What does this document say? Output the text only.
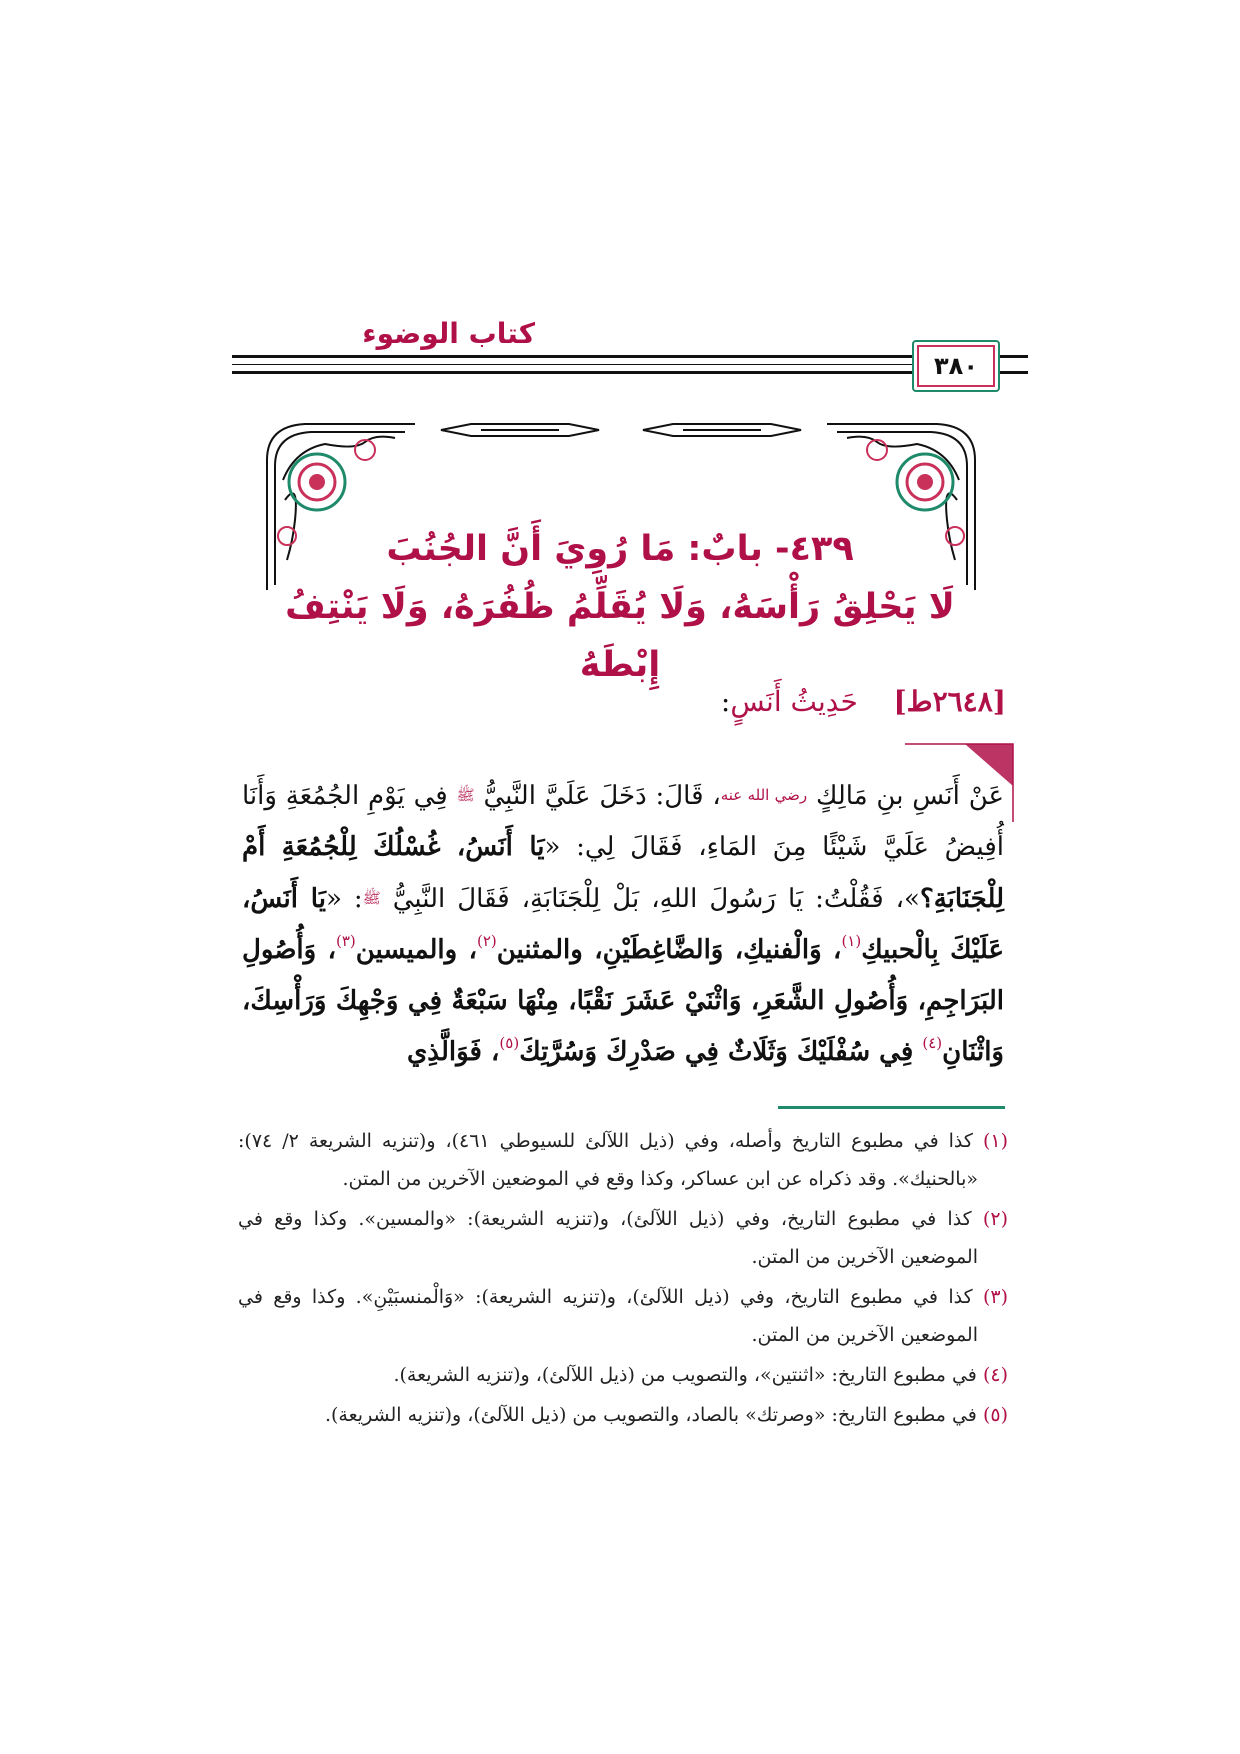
كتاب الوضوء
٣٨٠
٤٣٩- بابٌ: مَا رُوِيَ أَنَّ الجُنُبَ
لَا يَحْلِقُ رَأْسَهُ، وَلَا يُقَلِّمُ ظُفُرَهُ، وَلَا يَنْتِفُ إِبْطَهُ
[٢٦٤٨ط]    حَدِيثُ أَنَسٍ:
عَنْ أَنَسِ بنِ مَالِكٍ رضي الله عنه، قَالَ: دَخَلَ عَلَيَّ النَّبِيُّ ﷺ فِي يَوْمِ الجُمُعَةِ وَأَنَا أُفِيضُ عَلَيَّ شَيْئًا مِنَ المَاءِ، فَقَالَ لِي: «يَا أَنَسُ، غُسْلُكَ لِلْجُمُعَةِ أَمْ لِلْجَنَابَةِ؟»، فَقُلْتُ: يَا رَسُولَ اللهِ، بَلْ لِلْجَنَابَةِ، فَقَالَ النَّبِيُّ ﷺ: «يَا أَنَسُ، عَلَيْكَ بِالْحبيكِ$^{(١)}$، وَالْفنيكِ، وَالضَّاغِطَيْنِ، والمثنين$^{(٢)}$، والميسين$^{(٣)}$، وَأُصُولِ البَرَاجِمِ، وَأُصُولِ الشَّعَرِ، وَاثْنَيْ عَشَرَ نَقْبًا، مِنْهَا سَبْعَةٌ فِي وَجْهِكَ وَرَأْسِكَ، وَاثْنَانِ$^{(٤)}$ فِي سُفْلَيْكَ وَثَلَاثٌ فِي صَدْرِكَ وَسُرَّتِكَ$^{(٥)}$، فَوَالَّذِي

(١) كذا في مطبوع التاريخ وأصله، وفي (ذيل اللآلئ للسيوطي ٤٦١)، و(تنزيه الشريعة ٢/ ٧٤): «بالحنيك». وقد ذكراه عن ابن عساكر، وكذا وقع في الموضعين الآخرين من المتن.

(٢) كذا في مطبوع التاريخ، وفي (ذيل اللآلئ)، و(تنزيه الشريعة): «والمسين». وكذا وقع في الموضعين الآخرين من المتن.

(٣) كذا في مطبوع التاريخ، وفي (ذيل اللآلئ)، و(تنزيه الشريعة): «وَالْمنسبَيْنِ». وكذا وقع في الموضعين الآخرين من المتن.

(٤) في مطبوع التاريخ: «اثنتين»، والتصويب من (ذيل اللآلئ)، و(تنزيه الشريعة).

(٥) في مطبوع التاريخ: «وصرتك» بالصاد، والتصويب من (ذيل اللآلئ)، و(تنزيه الشريعة).
